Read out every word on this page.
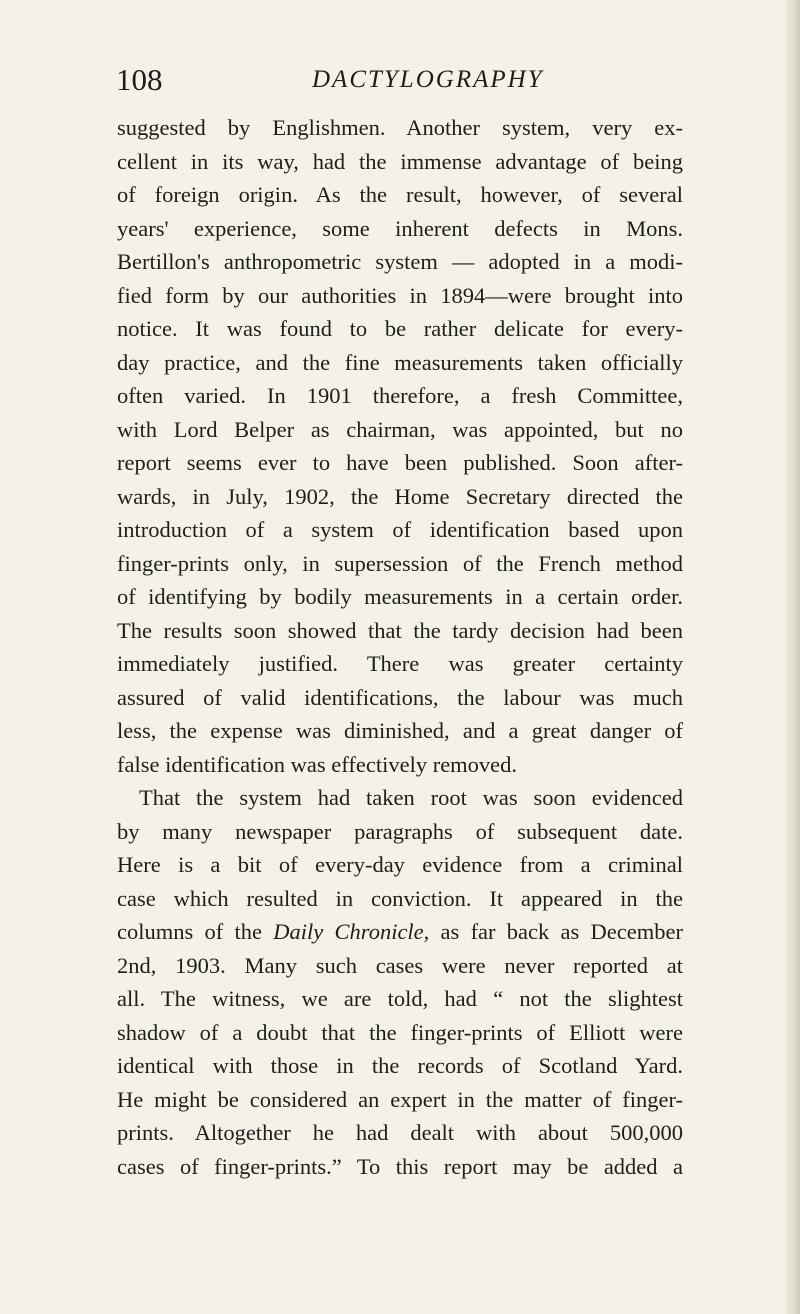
108	DACTYLOGRAPHY
suggested by Englishmen. Another system, very ex-
cellent in its way, had the immense advantage of being
of foreign origin. As the result, however, of several
years' experience, some inherent defects in Mons.
Bertillon's anthropometric system — adopted in a modi-
fied form by our authorities in 1894—were brought into
notice. It was found to be rather delicate for every-
day practice, and the fine measurements taken officially
often varied. In 1901 therefore, a fresh Committee,
with Lord Belper as chairman, was appointed, but no
report seems ever to have been published. Soon after-
wards, in July, 1902, the Home Secretary directed the
introduction of a system of identification based upon
finger-prints only, in supersession of the French method
of identifying by bodily measurements in a certain order.
The results soon showed that the tardy decision had been
immediately justified. There was greater certainty
assured of valid identifications, the labour was much
less, the expense was diminished, and a great danger of
false identification was effectively removed.
That the system had taken root was soon evidenced
by many newspaper paragraphs of subsequent date.
Here is a bit of every-day evidence from a criminal
case which resulted in conviction. It appeared in the
columns of the Daily Chronicle, as far back as December
2nd, 1903. Many such cases were never reported at
all. The witness, we are told, had “ not the slightest
shadow of a doubt that the finger-prints of Elliott were
identical with those in the records of Scotland Yard.
He might be considered an expert in the matter of finger-
prints. Altogether he had dealt with about 500,000
cases of finger-prints.” To this report may be added a
